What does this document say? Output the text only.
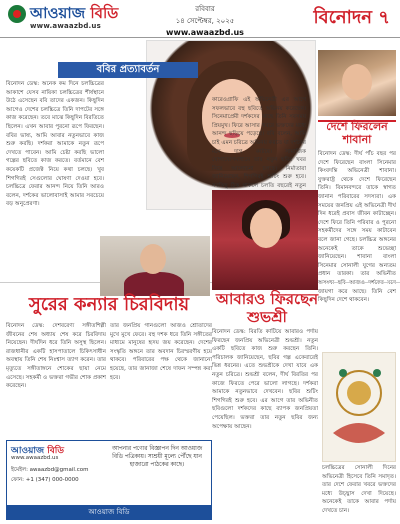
আওয়াজ বিডি
www.awaazbd.us
রবিবার
১৪ সেপ্টেম্বর, ২০২৫
www.awaazbd.us
বিনোদন ৭
ববির প্রত্যাবর্তন
বিনোদন ডেস্ক: অনেক কম দিনে চলচ্চিত্রের আকাশে যেসব নায়িকা চলচ্চিত্রের শীর্ষস্থানে উঠে এসেছেন ববি তাদের একজন। কিছুদিন আগেও দেশের চলচ্চিত্রে তিনি দাপটের সঙ্গে কাজ করেছেন। তবে মাঝে কিছুদিন বিরতিতে ছিলেন। এখন আবার পুরনো রূপে ফিরছেন। ববির ভাষ্য, আমি আবার নতুনভাবে কাজ শুরু করছি। দর্শকরা আমাকে নতুন রূপে দেখতে পাবেন। আমি চেষ্টা করছি ভালো গল্পের ছবিতে কাজ করতে। বর্তমানে বেশ কয়েকটি প্রজেক্ট নিয়ে কথা চলছে। খুব শিগগিরই সেগুলোর ঘোষণা দেওয়া হবে। চলচ্চিত্রে ফেরার আনন্দ নিয়ে তিনি আরও বলেন, দর্শকের ভালোবাসাই আমার সবচেয়ে বড় অনুপ্রেরণা।
কারেওগ্রাফি এই অভিনেত্রী এর আগে সফলভাবে বহু ছবিতে অভিনয় করেছেন। সিনেমাপ্রেমী দর্শকদের কাছে তিনি সবসময় প্রিয়মুখ। ফিরে আসার খবরে ভক্তদের মধ্যে আনন্দ ছড়িয়ে পড়েছে। ববি বলেন, আমি চাই এমন চরিত্রে অভিনয় করতে যা দর্শকের মনে দাগ কাটবে। সামাজিক যোগাযোগমাধ্যমে তার নতুন ছবির খবর নিয়ে আলোচনা চলছে। নির্মাতারা জানিয়েছেন, শিগগিরই শুটিং শুরু হবে। সবকিছু ঠিক থাকলে চলতি বছরেই নতুন
দেশে ফিরলেন শাবানা
বিনোদন ডেস্ক: দীর্ঘ পাঁচ বছর পর দেশে ফিরেছেন বাংলা সিনেমার কিংবদন্তি অভিনেত্রী শাবানা। যুক্তরাষ্ট্র থেকে দেশে ফিরেছেন তিনি। বিমানবন্দরে তাকে স্বাগত জানান পরিবারের সদস্যরা। এক সময়ের জনপ্রিয় এই অভিনেত্রী দীর্ঘ দিন ধরেই প্রবাস জীবন কাটাচ্ছেন। দেশে ফিরে তিনি পরিবার ও পুরনো সহকর্মীদের সঙ্গে সময় কাটাবেন বলে জানা গেছে। চলচ্চিত্র অঙ্গনের অনেকেই তাকে শুভেচ্ছা জানিয়েছেন। শাবানা বাংলা সিনেমার সোনালী যুগের অন্যতম প্রধান তারকা। তার অভিনীত জায়গা করে আছে। তিনি বেশ কিছুদিন দেশে থাকবেন।
সুরের কন্যার চিরবিদায়
বিনোদন ডেস্ক: দেশবরেণ্য সঙ্গীতশিল্পী জীবনের শেষ অধ্যায় শেষ করে চিরবিদায় নিয়েছেন। দীর্ঘদিন ধরে তিনি অসুস্থ ছিলেন। রাজধানীর একটি হাসপাতালে চিকিৎসাধীন অবস্থায় তিনি শেষ নিঃশ্বাস ত্যাগ করেন। তার মৃত্যুতে সঙ্গীতাঙ্গনে শোকের ছায়া নেমে এসেছে। সহকর্মী ও ভক্তরা গভীর শোক প্রকাশ করেছেন।
তার জনপ্রিয় গানগুলো আজও শ্রোতাদের মুখে মুখে ফেরে। বহু দশক ধরে তিনি সঙ্গীতের মাধ্যমে মানুষের হৃদয় জয় করেছেন। দেশের সংস্কৃতি অঙ্গনে তার অবদান চিরস্মরণীয় হয়ে থাকবে। পরিবারের পক্ষ থেকে জানানো হয়েছে, তার জানাজা শেষে দাফন সম্পন্ন করা হবে।
আবারও ফিরছেন শুভশ্রী
বিনোদন ডেস্ক: বিরতি কাটিয়ে আবারও পর্দায় ফিরছেন জনপ্রিয় অভিনেত্রী শুভশ্রী। নতুন একটি ছবিতে কাজ শুরু করছেন তিনি। পরিচালক জানিয়েছেন, ছবির গল্প একেবারেই ভিন্ন ধরনের। এতে শুভশ্রীকে দেখা যাবে এক নতুন চরিত্রে। শুভশ্রী বলেন, দীর্ঘ বিরতির পর কাজে ফিরতে পেরে ভালো লাগছে। দর্শকরা আমাকে নতুনভাবে দেখবেন। ছবির শুটিং শিগগিরই শুরু হবে। এর আগে তার অভিনীত ছবিগুলো দর্শকদের কাছে ব্যাপক জনপ্রিয়তা পেয়েছিল। ভক্তরা তার নতুন ছবির জন্য অপেক্ষায় আছেন।
চলচ্চিত্রের সোনালী দিনের অভিনেত্রী হিসেবে তিনি সমাদৃত। তার দেশে ফেরার খবরে ভক্তদের মধ্যে উচ্ছ্বাস দেখা দিয়েছে। অনেকেই তাকে আবার পর্দায় দেখতে চান।
আওয়াজ বিডি
www.awaazbd.us
ইমেইল: awaazbd@gmail.com
ফোন: +1 (347) 000-0000
আপনার পণ্যের বিজ্ঞাপন দিন আওয়াজ বিডি পত্রিকায়। সাশ্রয়ী মূল্যে পৌঁছে যান হাজারো পাঠকের কাছে।
আওয়াজ বিডি
